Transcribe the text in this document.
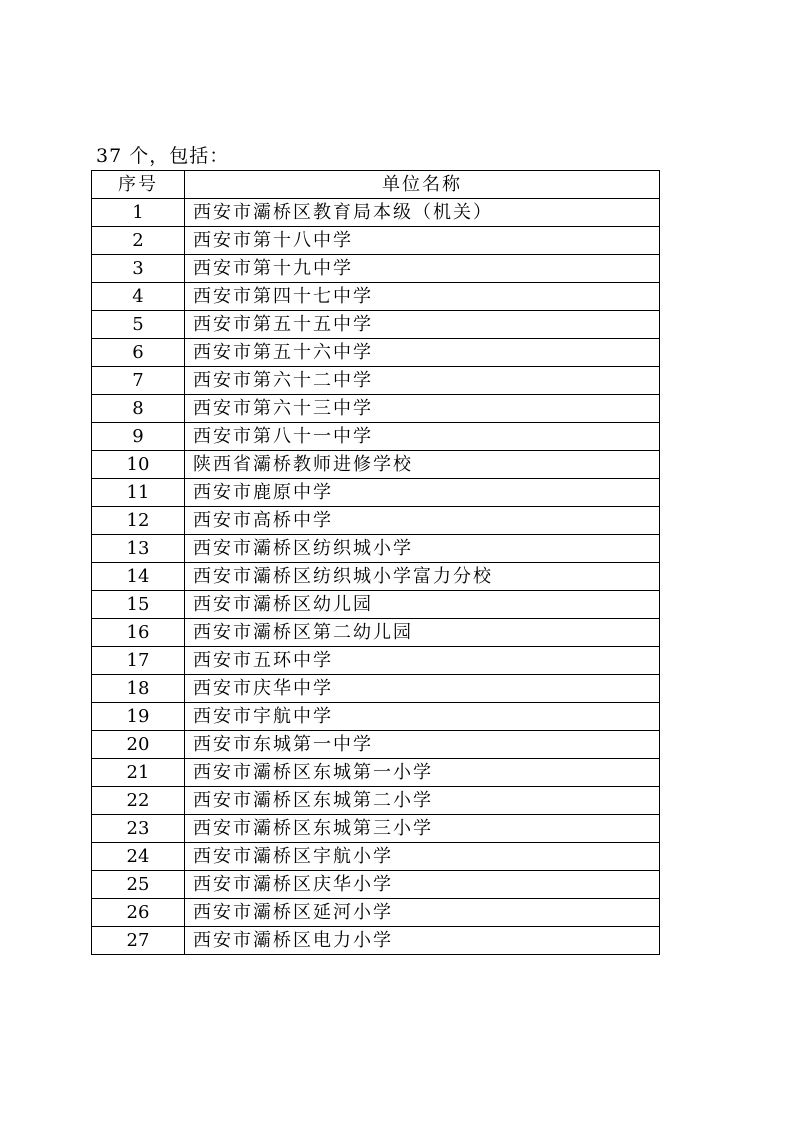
37 个，包括：
序号	单位名称
1	西安市灞桥区教育局本级（机关）
2	西安市第十八中学
3	西安市第十九中学
4	西安市第四十七中学
5	西安市第五十五中学
6	西安市第五十六中学
7	西安市第六十二中学
8	西安市第六十三中学
9	西安市第八十一中学
10	陕西省灞桥教师进修学校
11	西安市鹿原中学
12	西安市高桥中学
13	西安市灞桥区纺织城小学
14	西安市灞桥区纺织城小学富力分校
15	西安市灞桥区幼儿园
16	西安市灞桥区第二幼儿园
17	西安市五环中学
18	西安市庆华中学
19	西安市宇航中学
20	西安市东城第一中学
21	西安市灞桥区东城第一小学
22	西安市灞桥区东城第二小学
23	西安市灞桥区东城第三小学
24	西安市灞桥区宇航小学
25	西安市灞桥区庆华小学
26	西安市灞桥区延河小学
27	西安市灞桥区电力小学
